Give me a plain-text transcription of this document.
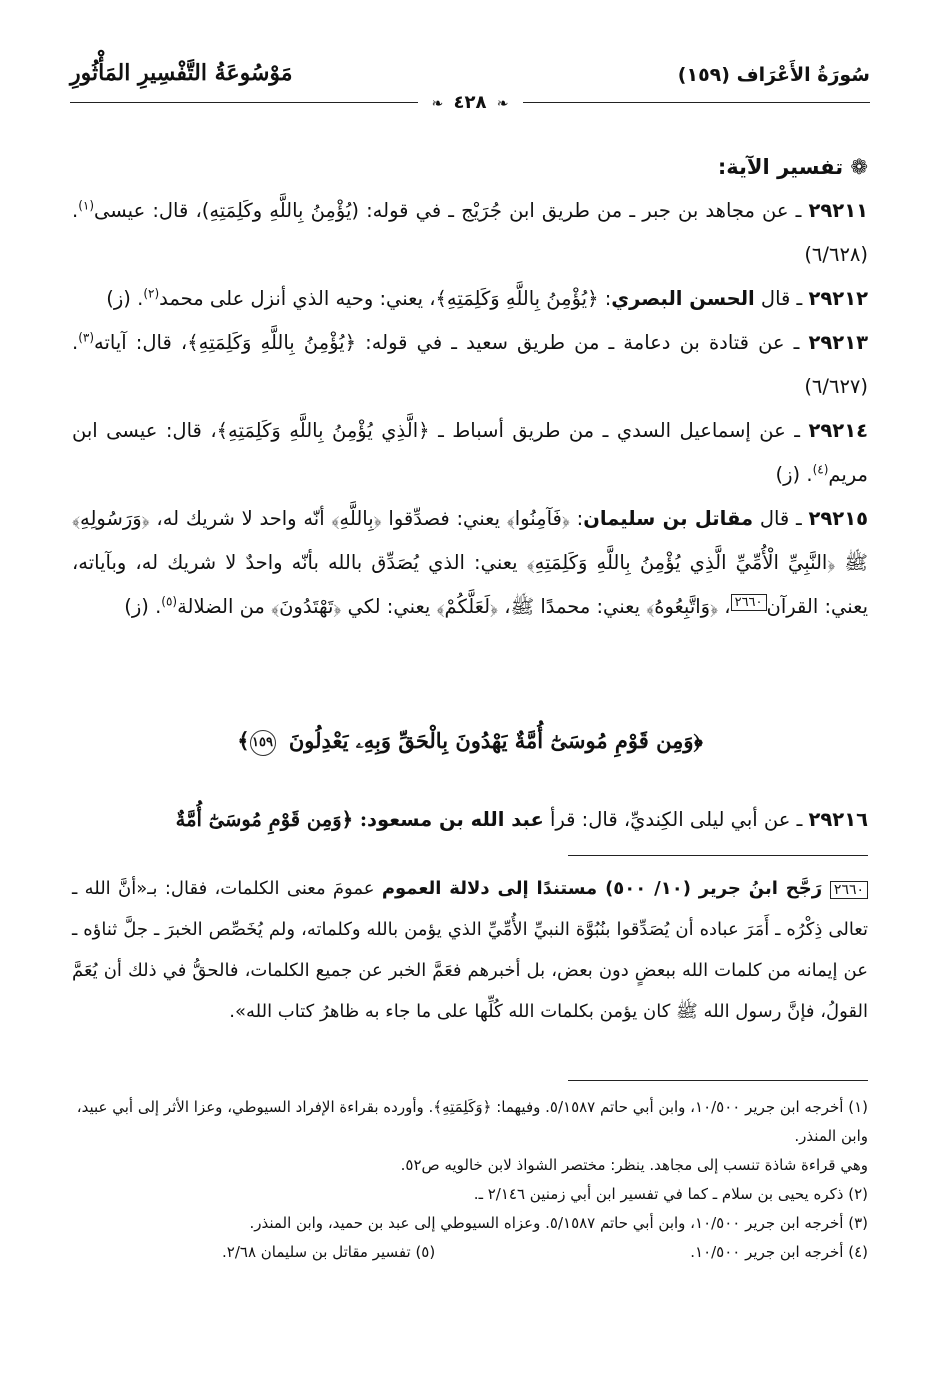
سُورَةُ الأَعْرَاف (١٥٩)
مَوْسُوعَةُ التَّفْسِيرِ المَأْثُورِ
❧ ٤٢٨ ❧

❁ تفسير الآية:

٢٩٢١١ ـ عن مجاهد بن جبر ـ من طريق ابن جُرَيْج ـ في قوله: (يُؤْمِنُ بِاللَّهِ وكَلِمَتِهِ)، قال: عيسى$^{(١)}$. (٦/٦٢٨)

٢٩٢١٢ ـ قال الحسن البصري: ﴿يُؤْمِنُ بِاللَّهِ وَكَلِمَتِهِ﴾، يعني: وحيه الذي أنزل على محمد$^{(٢)}$. (ز)

٢٩٢١٣ ـ عن قتادة بن دعامة ـ من طريق سعيد ـ في قوله: ﴿يُؤْمِنُ بِاللَّهِ وَكَلِمَتِهِ﴾، قال: آياته$^{(٣)}$. (٦/٦٢٧)

٢٩٢١٤ ـ عن إسماعيل السدي ـ من طريق أسباط ـ ﴿الَّذِي يُؤْمِنُ بِاللَّهِ وَكَلِمَتِهِ﴾، قال: عيسى ابن مريم$^{(٤)}$. (ز)

٢٩٢١٥ ـ قال مقاتل بن سليمان: ﴿فَآمِنُوا﴾ يعني: فصدِّقوا ﴿بِاللَّهِ﴾ أنّه واحد لا شريك له، ﴿وَرَسُولِهِ﴾ ﷺ ﴿النَّبِيِّ الْأُمِّيِّ الَّذِي يُؤْمِنُ بِاللَّهِ وَكَلِمَتِهِ﴾ يعني: الذي يُصَدِّق بالله بأنّه واحدٌ لا شريك له، وبآياته، يعني: القرآن$^{٢٦٦٠}$، ﴿وَاتَّبِعُوهُ﴾ يعني: محمدًا ﷺ، ﴿لَعَلَّكُمْ﴾ يعني: لكي ﴿تَهْتَدُونَ﴾ من الضلالة$^{(٥)}$. (ز)

﴿وَمِن قَوْمِ مُوسَىٰٓ أُمَّةٌ يَهْدُونَ بِالْحَقِّ وَبِهِۦ يَعْدِلُونَ ١٥٩﴾
٢٩٢١٦ ـ عن أبي ليلى الكِنديِّ، قال: قرأ عبد الله بن مسعود: ﴿وَمِن قَوْمِ مُوسَىٰٓ أُمَّةٌ
٢٦٦٠ رَجَّح ابنُ جرير (١٠/ ٥٠٠) مستندًا إلى دلالة العموم عمومَ معنى الكلمات، فقال: بـ«أنَّ الله ـ تعالى ذِكْرُه ـ أَمَرَ عباده أن يُصَدِّقوا بنُبُوَّة النبيِّ الأُمِّيِّ الذي يؤمن بالله وكلماته، ولم يُخَصِّص الخبرَ ـ جلَّ ثناؤه ـ عن إيمانه من كلمات الله ببعضٍ دون بعض، بل أخبرهم فعَمَّ الخبر عن جميع الكلمات، فالحقُّ في ذلك أن يُعَمَّ القولُ، فإنَّ رسول الله ﷺ كان يؤمن بكلمات الله كُلِّها على ما جاء به ظاهرُ كتاب الله».

(١) أخرجه ابن جرير ١٠/٥٠٠، وابن أبي حاتم ٥/١٥٨٧. وفيهما: ﴿وَكَلِمَتِهِ﴾. وأورده بقراءة الإفراد السيوطي، وعزا الأثر إلى أبي عبيد، وابن المنذر.

وهي قراءة شاذة تنسب إلى مجاهد. ينظر: مختصر الشواذ لابن خالويه ص٥٢.

(٢) ذكره يحيى بن سلام ـ كما في تفسير ابن أبي زمنين ٢/١٤٦ ـ.

(٣) أخرجه ابن جرير ١٠/٥٠٠، وابن أبي حاتم ٥/١٥٨٧. وعزاه السيوطي إلى عبد بن حميد، وابن المنذر.

(٤) أخرجه ابن جرير ١٠/٥٠٠.
(٥) تفسير مقاتل بن سليمان ٢/٦٨.
